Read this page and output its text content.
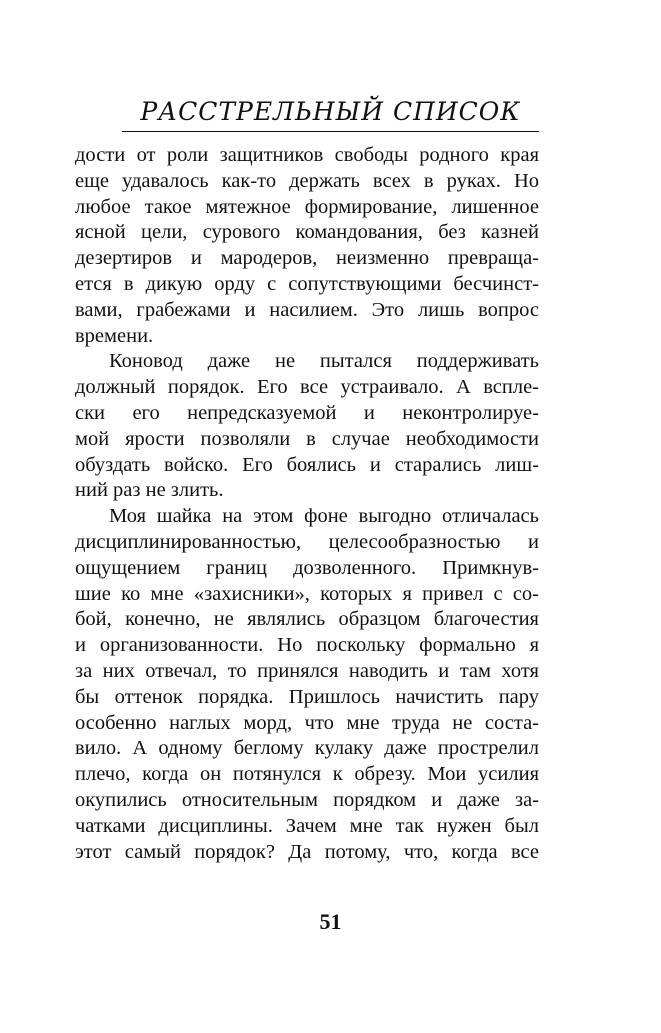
РАССТРЕЛЬНЫЙ СПИСОК
дости от роли защитников свободы родного края
еще удавалось как-то держать всех в руках. Но
любое такое мятежное формирование, лишенное
ясной цели, сурового командования, без казней
дезертиров и мародеров, неизменно превраща-
ется в дикую орду с сопутствующими бесчинст-
вами, грабежами и насилием. Это лишь вопрос
времени.
Коновод даже не пытался поддерживать
должный порядок. Его все устраивало. А вспле-
ски его непредсказуемой и неконтролируе-
мой ярости позволяли в случае необходимости
обуздать войско. Его боялись и старались лиш-
ний раз не злить.
Моя шайка на этом фоне выгодно отличалась
дисциплинированностью, целесообразностью и
ощущением границ дозволенного. Примкнув-
шие ко мне «захисники», которых я привел с со-
бой, конечно, не являлись образцом благочестия
и организованности. Но поскольку формально я
за них отвечал, то принялся наводить и там хотя
бы оттенок порядка. Пришлось начистить пару
особенно наглых морд, что мне труда не соста-
вило. А одному беглому кулаку даже прострелил
плечо, когда он потянулся к обрезу. Мои усилия
окупились относительным порядком и даже за-
чатками дисциплины. Зачем мне так нужен был
этот самый порядок? Да потому, что, когда все
51
